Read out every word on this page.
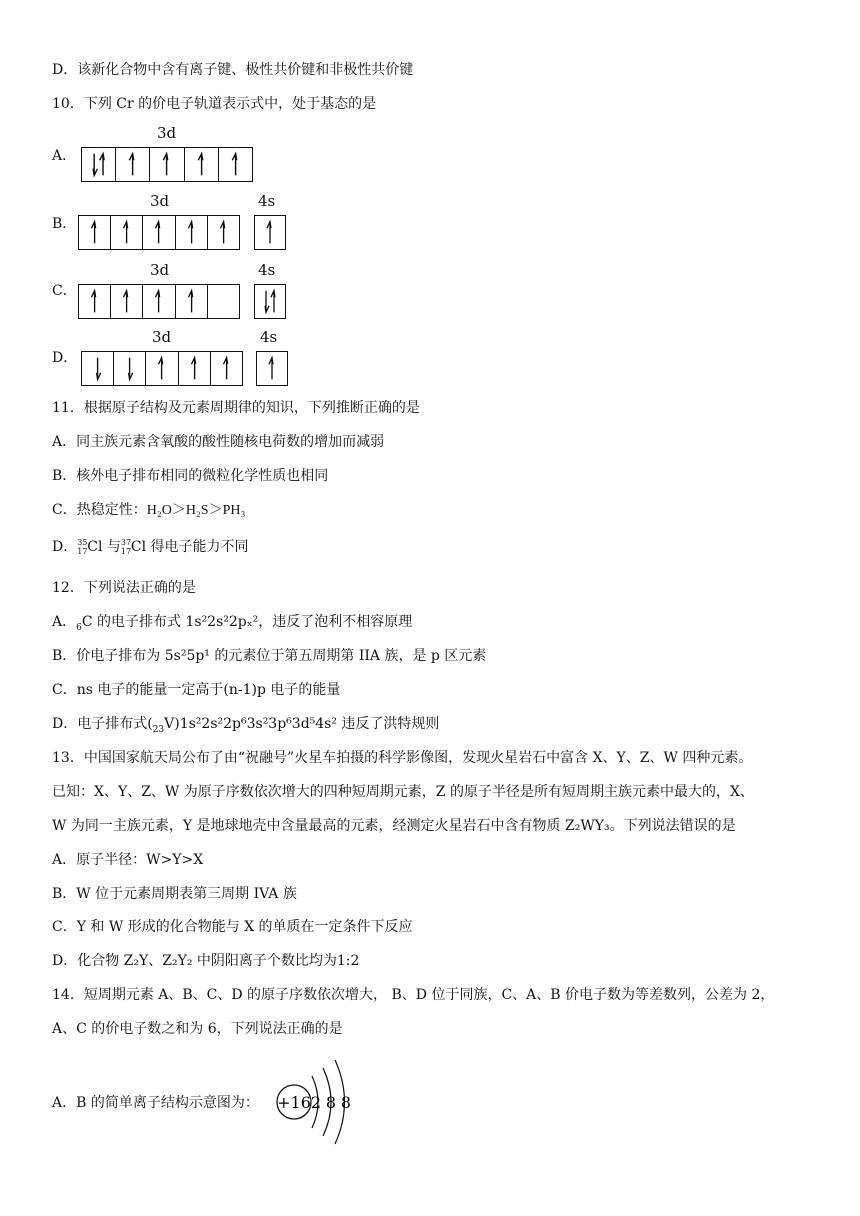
D．该新化合物中含有离子键、极性共价键和非极性共价键
10．下列 Cr 的价电子轨道表示式中，处于基态的是
A．
3d
B．
3d	4s
C．
3d	4s
D．
3d	4s
11．根据原子结构及元素周期律的知识，下列推断正确的是
A．同主族元素含氧酸的酸性随核电荷数的增加而减弱
B．核外电子排布相同的微粒化学性质也相同
C．热稳定性：H₂O＞H₂S＞PH₃
D． 35
17 Cl 与 37
17 Cl 得电子能力不同
12．下列说法正确的是
A．$_6$C 的电子排布式 1s²2s²2pₓ²，违反了泡利不相容原理
B．价电子排布为 5s²5p¹ 的元素位于第五周期第 IIA 族，是 p 区元素
C．ns 电子的能量一定高于(n-1)p 电子的能量
D．电子排布式$(_{23}V)1s^22s^22p^63s^23p^63d^54s^2$ 违反了洪特规则
13．中国国家航天局公布了由“祝融号”火星车拍摄的科学影像图，发现火星岩石中富含 X、Y、Z、W 四种元素。
已知：X、Y、Z、W 为原子序数依次增大的四种短周期元素，Z 的原子半径是所有短周期主族元素中最大的，X、
W 为同一主族元素，Y 是地球地壳中含量最高的元素，经测定火星岩石中含有物质 Z₂WY₃。下列说法错误的是
A．原子半径：W>Y>X
B．W 位于元素周期表第三周期 IVA 族
C．Y 和 W 形成的化合物能与 X 的单质在一定条件下反应
D．化合物 Z₂Y、Z₂Y₂ 中阴阳离子个数比均为1:2
14．短周期元素 A、B、C、D 的原子序数依次增大， B、D 位于同族，C、A、B 价电子数为等差数列，公差为 2，
A、C 的价电子数之和为 6，下列说法正确的是
A．B 的简单离子结构示意图为： +16 2 8 8
